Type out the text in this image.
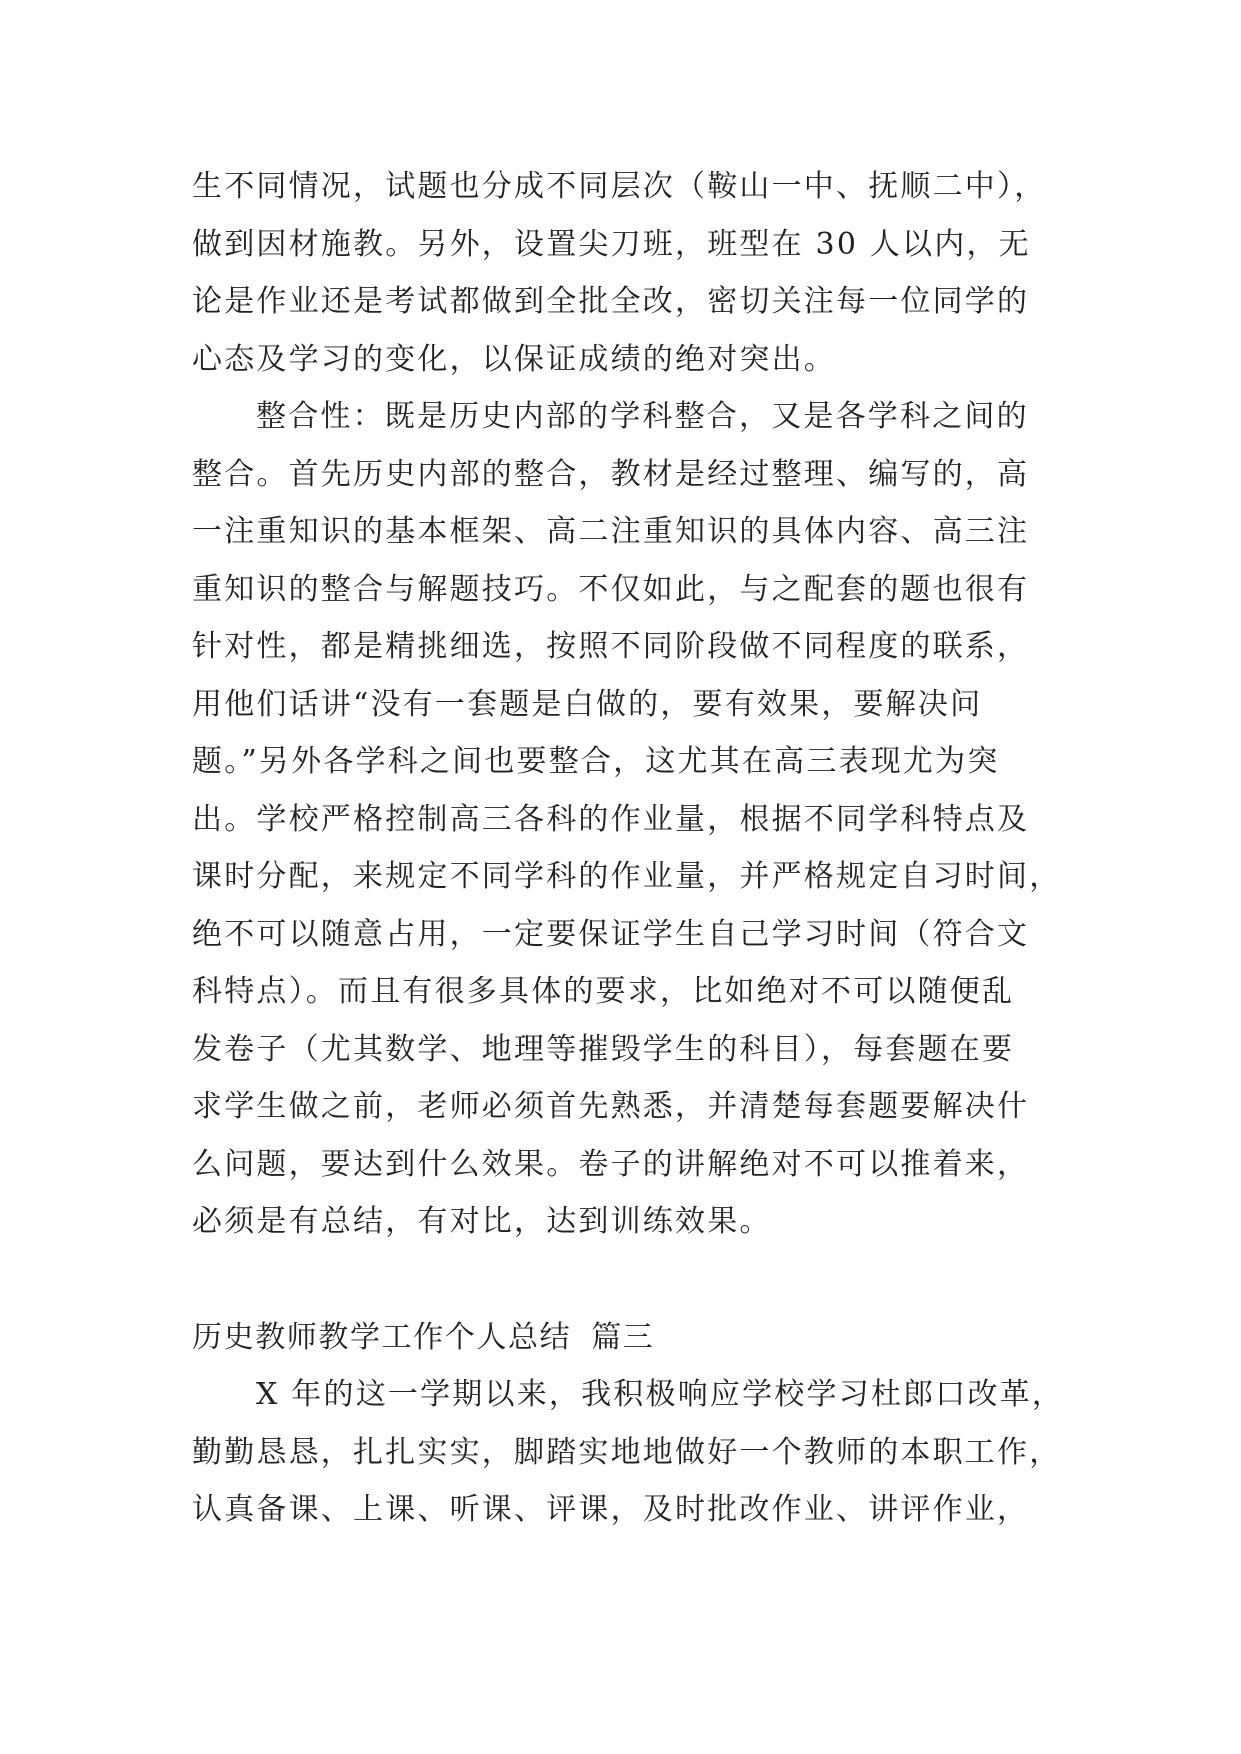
生不同情况，试题也分成不同层次（鞍山一中、抚顺二中），
做到因材施教。另外，设置尖刀班，班型在 30 人以内，无
论是作业还是考试都做到全批全改，密切关注每一位同学的
心态及学习的变化，以保证成绩的绝对突出。
整合性：既是历史内部的学科整合，又是各学科之间的
整合。首先历史内部的整合，教材是经过整理、编写的，高
一注重知识的基本框架、高二注重知识的具体内容、高三注
重知识的整合与解题技巧。不仅如此，与之配套的题也很有
针对性，都是精挑细选，按照不同阶段做不同程度的联系，
用他们话讲“没有一套题是白做的，要有效果，要解决问
题。”另外各学科之间也要整合，这尤其在高三表现尤为突
出。学校严格控制高三各科的作业量，根据不同学科特点及
课时分配，来规定不同学科的作业量，并严格规定自习时间，
绝不可以随意占用，一定要保证学生自己学习时间（符合文
科特点）。而且有很多具体的要求，比如绝对不可以随便乱
发卷子（尤其数学、地理等摧毁学生的科目），每套题在要
求学生做之前，老师必须首先熟悉，并清楚每套题要解决什
么问题，要达到什么效果。卷子的讲解绝对不可以推着来，
必须是有总结，有对比，达到训练效果。
历史教师教学工作个人总结 篇三
X 年的这一学期以来，我积极响应学校学习杜郎口改革，
勤勤恳恳，扎扎实实，脚踏实地地做好一个教师的本职工作，
认真备课、上课、听课、评课，及时批改作业、讲评作业，
